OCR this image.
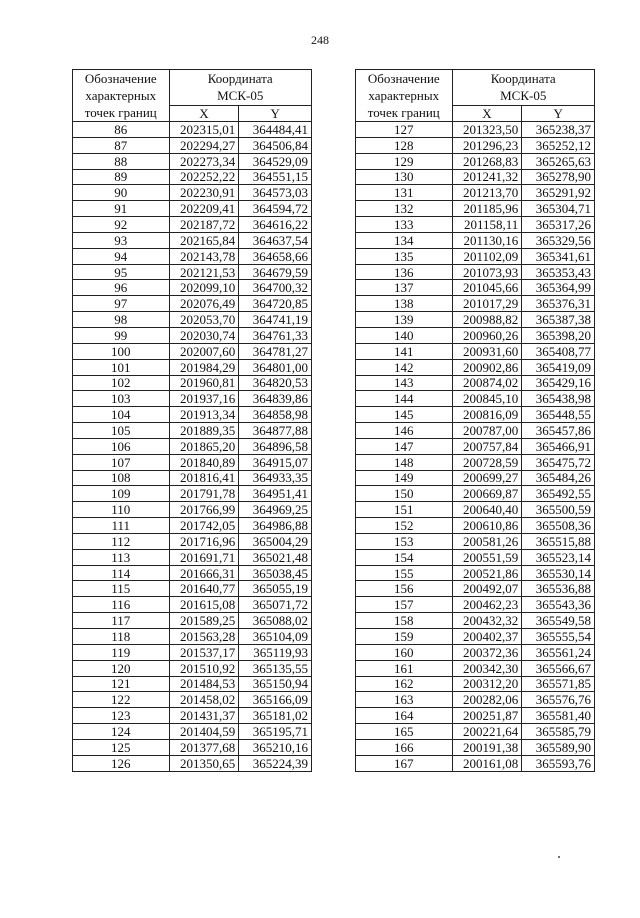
248
Обозначение
характерных
точек границ	Координата
МСК-05	
	X	Y
86	202315,01	364484,41
87	202294,27	364506,84
88	202273,34	364529,09
89	202252,22	364551,15
90	202230,91	364573,03
91	202209,41	364594,72
92	202187,72	364616,22
93	202165,84	364637,54
94	202143,78	364658,66
95	202121,53	364679,59
96	202099,10	364700,32
97	202076,49	364720,85
98	202053,70	364741,19
99	202030,74	364761,33
100	202007,60	364781,27
101	201984,29	364801,00
102	201960,81	364820,53
103	201937,16	364839,86
104	201913,34	364858,98
105	201889,35	364877,88
106	201865,20	364896,58
107	201840,89	364915,07
108	201816,41	364933,35
109	201791,78	364951,41
110	201766,99	364969,25
111	201742,05	364986,88
112	201716,96	365004,29
113	201691,71	365021,48
114	201666,31	365038,45
115	201640,77	365055,19
116	201615,08	365071,72
117	201589,25	365088,02
118	201563,28	365104,09
119	201537,17	365119,93
120	201510,92	365135,55
121	201484,53	365150,94
122	201458,02	365166,09
123	201431,37	365181,02
124	201404,59	365195,71
125	201377,68	365210,16
126	201350,65	365224,39
Обозначение
характерных
точек границ	Координата
МСК-05	
	X	Y
127	201323,50	365238,37
128	201296,23	365252,12
129	201268,83	365265,63
130	201241,32	365278,90
131	201213,70	365291,92
132	201185,96	365304,71
133	201158,11	365317,26
134	201130,16	365329,56
135	201102,09	365341,61
136	201073,93	365353,43
137	201045,66	365364,99
138	201017,29	365376,31
139	200988,82	365387,38
140	200960,26	365398,20
141	200931,60	365408,77
142	200902,86	365419,09
143	200874,02	365429,16
144	200845,10	365438,98
145	200816,09	365448,55
146	200787,00	365457,86
147	200757,84	365466,91
148	200728,59	365475,72
149	200699,27	365484,26
150	200669,87	365492,55
151	200640,40	365500,59
152	200610,86	365508,36
153	200581,26	365515,88
154	200551,59	365523,14
155	200521,86	365530,14
156	200492,07	365536,88
157	200462,23	365543,36
158	200432,32	365549,58
159	200402,37	365555,54
160	200372,36	365561,24
161	200342,30	365566,67
162	200312,20	365571,85
163	200282,06	365576,76
164	200251,87	365581,40
165	200221,64	365585,79
166	200191,38	365589,90
167	200161,08	365593,76
